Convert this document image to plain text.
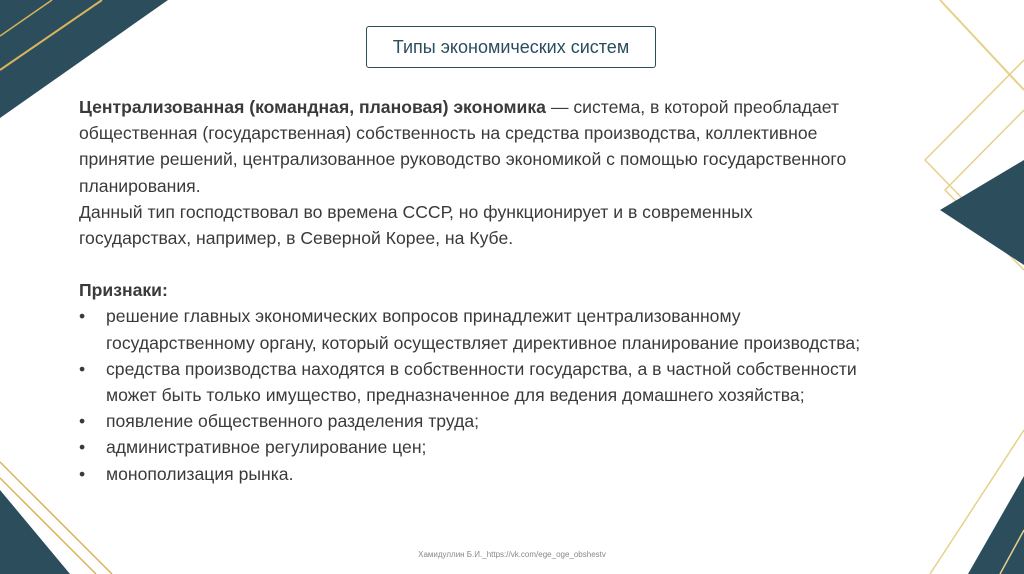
Типы экономических систем

Централизованная (командная, плановая) экономика — система, в которой преобладает общественная (государственная) собственность на средства производства, коллективное принятие решений, централизованное руководство экономикой с помощью государственного планирования.

Данный тип господствовал во времена СССР, но функционирует и в современных государствах, например, в Северной Корее, на Кубе.

Признаки:

• решение главных экономических вопросов принадлежит централизованному государственному органу, который осуществляет директивное планирование производства;
• средства производства находятся в собственности государства, а в частной собственности может быть только имущество, предназначенное для ведения домашнего хозяйства;
• появление общественного разделения труда;
• административное регулирование цен;
• монополизация рынка.
Хамидуллин Б.И._https://vk.com/ege_oge_obshestv
